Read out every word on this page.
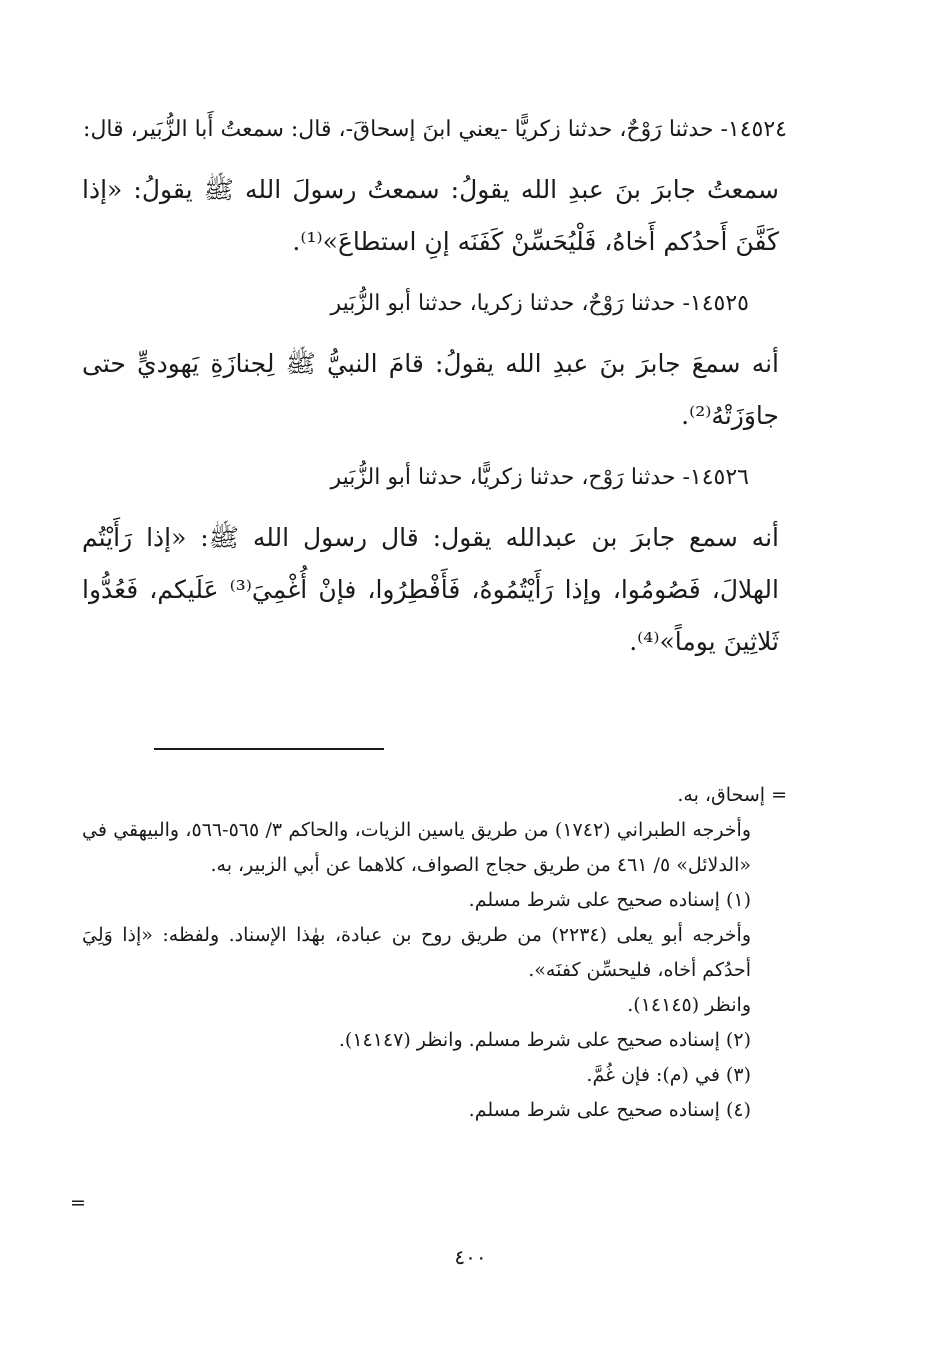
١٤٥٢٤- حدثنا رَوْحٌ، حدثنا زكريًّا -يعني ابنَ إسحاقَ-، قال: سمعتُ أَبا الزُّبَير، قال:

سمعتُ جابرَ بنَ عبدِ الله يقولُ: سمعتُ رسولَ الله ﷺ يقولُ: «إذا كَفَّنَ أَحدُكم أَخاهُ، فَلْيُحَسِّنْ كَفَنَه إنِ استطاعَ»⁽¹⁾.

١٤٥٢٥- حدثنا رَوْحٌ، حدثنا زكريا، حدثنا أبو الزُّبَير

أنه سمعَ جابرَ بنَ عبدِ الله يقولُ: قامَ النبيُّ ﷺ لِجنازَةِ يَهوديٍّ حتى جاوَزَتْهُ⁽²⁾.

١٤٥٢٦- حدثنا رَوْح، حدثنا زكريًّا، حدثنا أبو الزُّبَير

أنه سمع جابرَ بن عبدالله يقول: قال رسول الله ﷺ: «إذا رَأَيْتُم الهلالَ، فَصُومُوا، وإذا رَأَيْتُمُوهُ، فَأَفْطِرُوا، فإنْ أُغْمِيَ⁽³⁾ عَلَيكم، فَعُدُّوا ثَلاثِينَ يوماً»⁽⁴⁾.

= إسحاق، به.

وأخرجه الطبراني (١٧٤٢) من طريق ياسين الزيات، والحاكم ٣/ ٥٦٥-٥٦٦، والبيهقي في «الدلائل» ٥/ ٤٦١ من طريق حجاج الصواف، كلاهما عن أبي الزبير، به.

(١) إسناده صحيح على شرط مسلم.

وأخرجه أبو يعلى (٢٢٣٤) من طريق روح بن عبادة، بهٰذا الإسناد. ولفظه: «إذا وَلِيَ أحدُكم أخاه، فليحسِّن كفنَه».

وانظر (١٤١٤٥).

(٢) إسناده صحيح على شرط مسلم. وانظر (١٤١٤٧).

(٣) في (م): فإن غُمَّ.

(٤) إسناده صحيح على شرط مسلم.

=
٤٠٠
